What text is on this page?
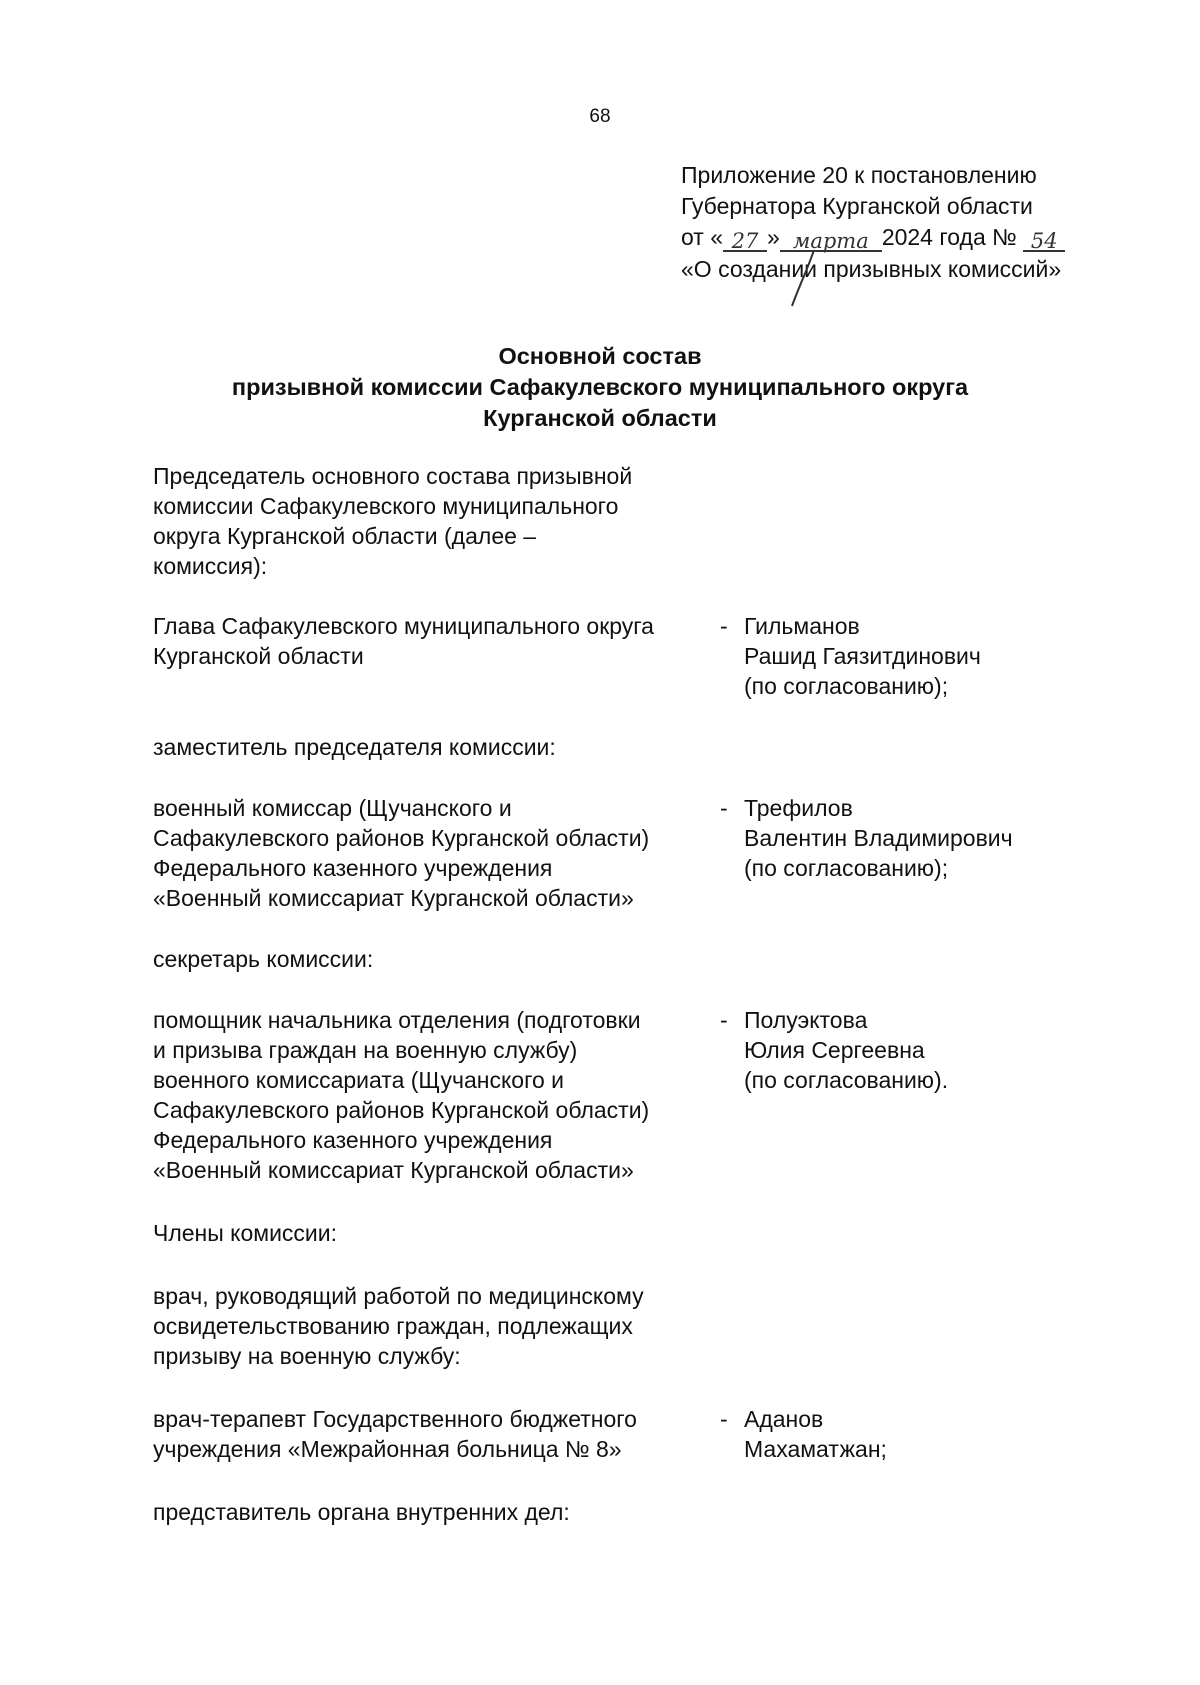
68
Приложение 20 к постановлению
Губернатора Курганской области
от « 27 » марта 2024 года № 54

«О создании призывных комиссий»
Основной состав
призывной комиссии Сафакулевского муниципального округа
Курганской области
Председатель основного состава призывной
комиссии Сафакулевского муниципального
округа Курганской области (далее –
комиссия):
Глава Сафакулевского муниципального округа
Курганской области
- Гильманов
Рашид Гаязитдинович
(по согласованию);
заместитель председателя комиссии:
военный комиссар (Щучанского и
Сафакулевского районов Курганской области)
Федерального казенного учреждения
«Военный комиссариат Курганской области»
- Трефилов
Валентин Владимирович
(по согласованию);
секретарь комиссии:
помощник начальника отделения (подготовки
и призыва граждан на военную службу)
военного комиссариата (Щучанского и
Сафакулевского районов Курганской области)
Федерального казенного учреждения
«Военный комиссариат Курганской области»
- Полуэктова
Юлия Сергеевна
(по согласованию).
Члены комиссии:
врач, руководящий работой по медицинскому
освидетельствованию граждан, подлежащих
призыву на военную службу:
врач-терапевт Государственного бюджетного
учреждения «Межрайонная больница № 8»
- Аданов
Махаматжан;
представитель органа внутренних дел:
